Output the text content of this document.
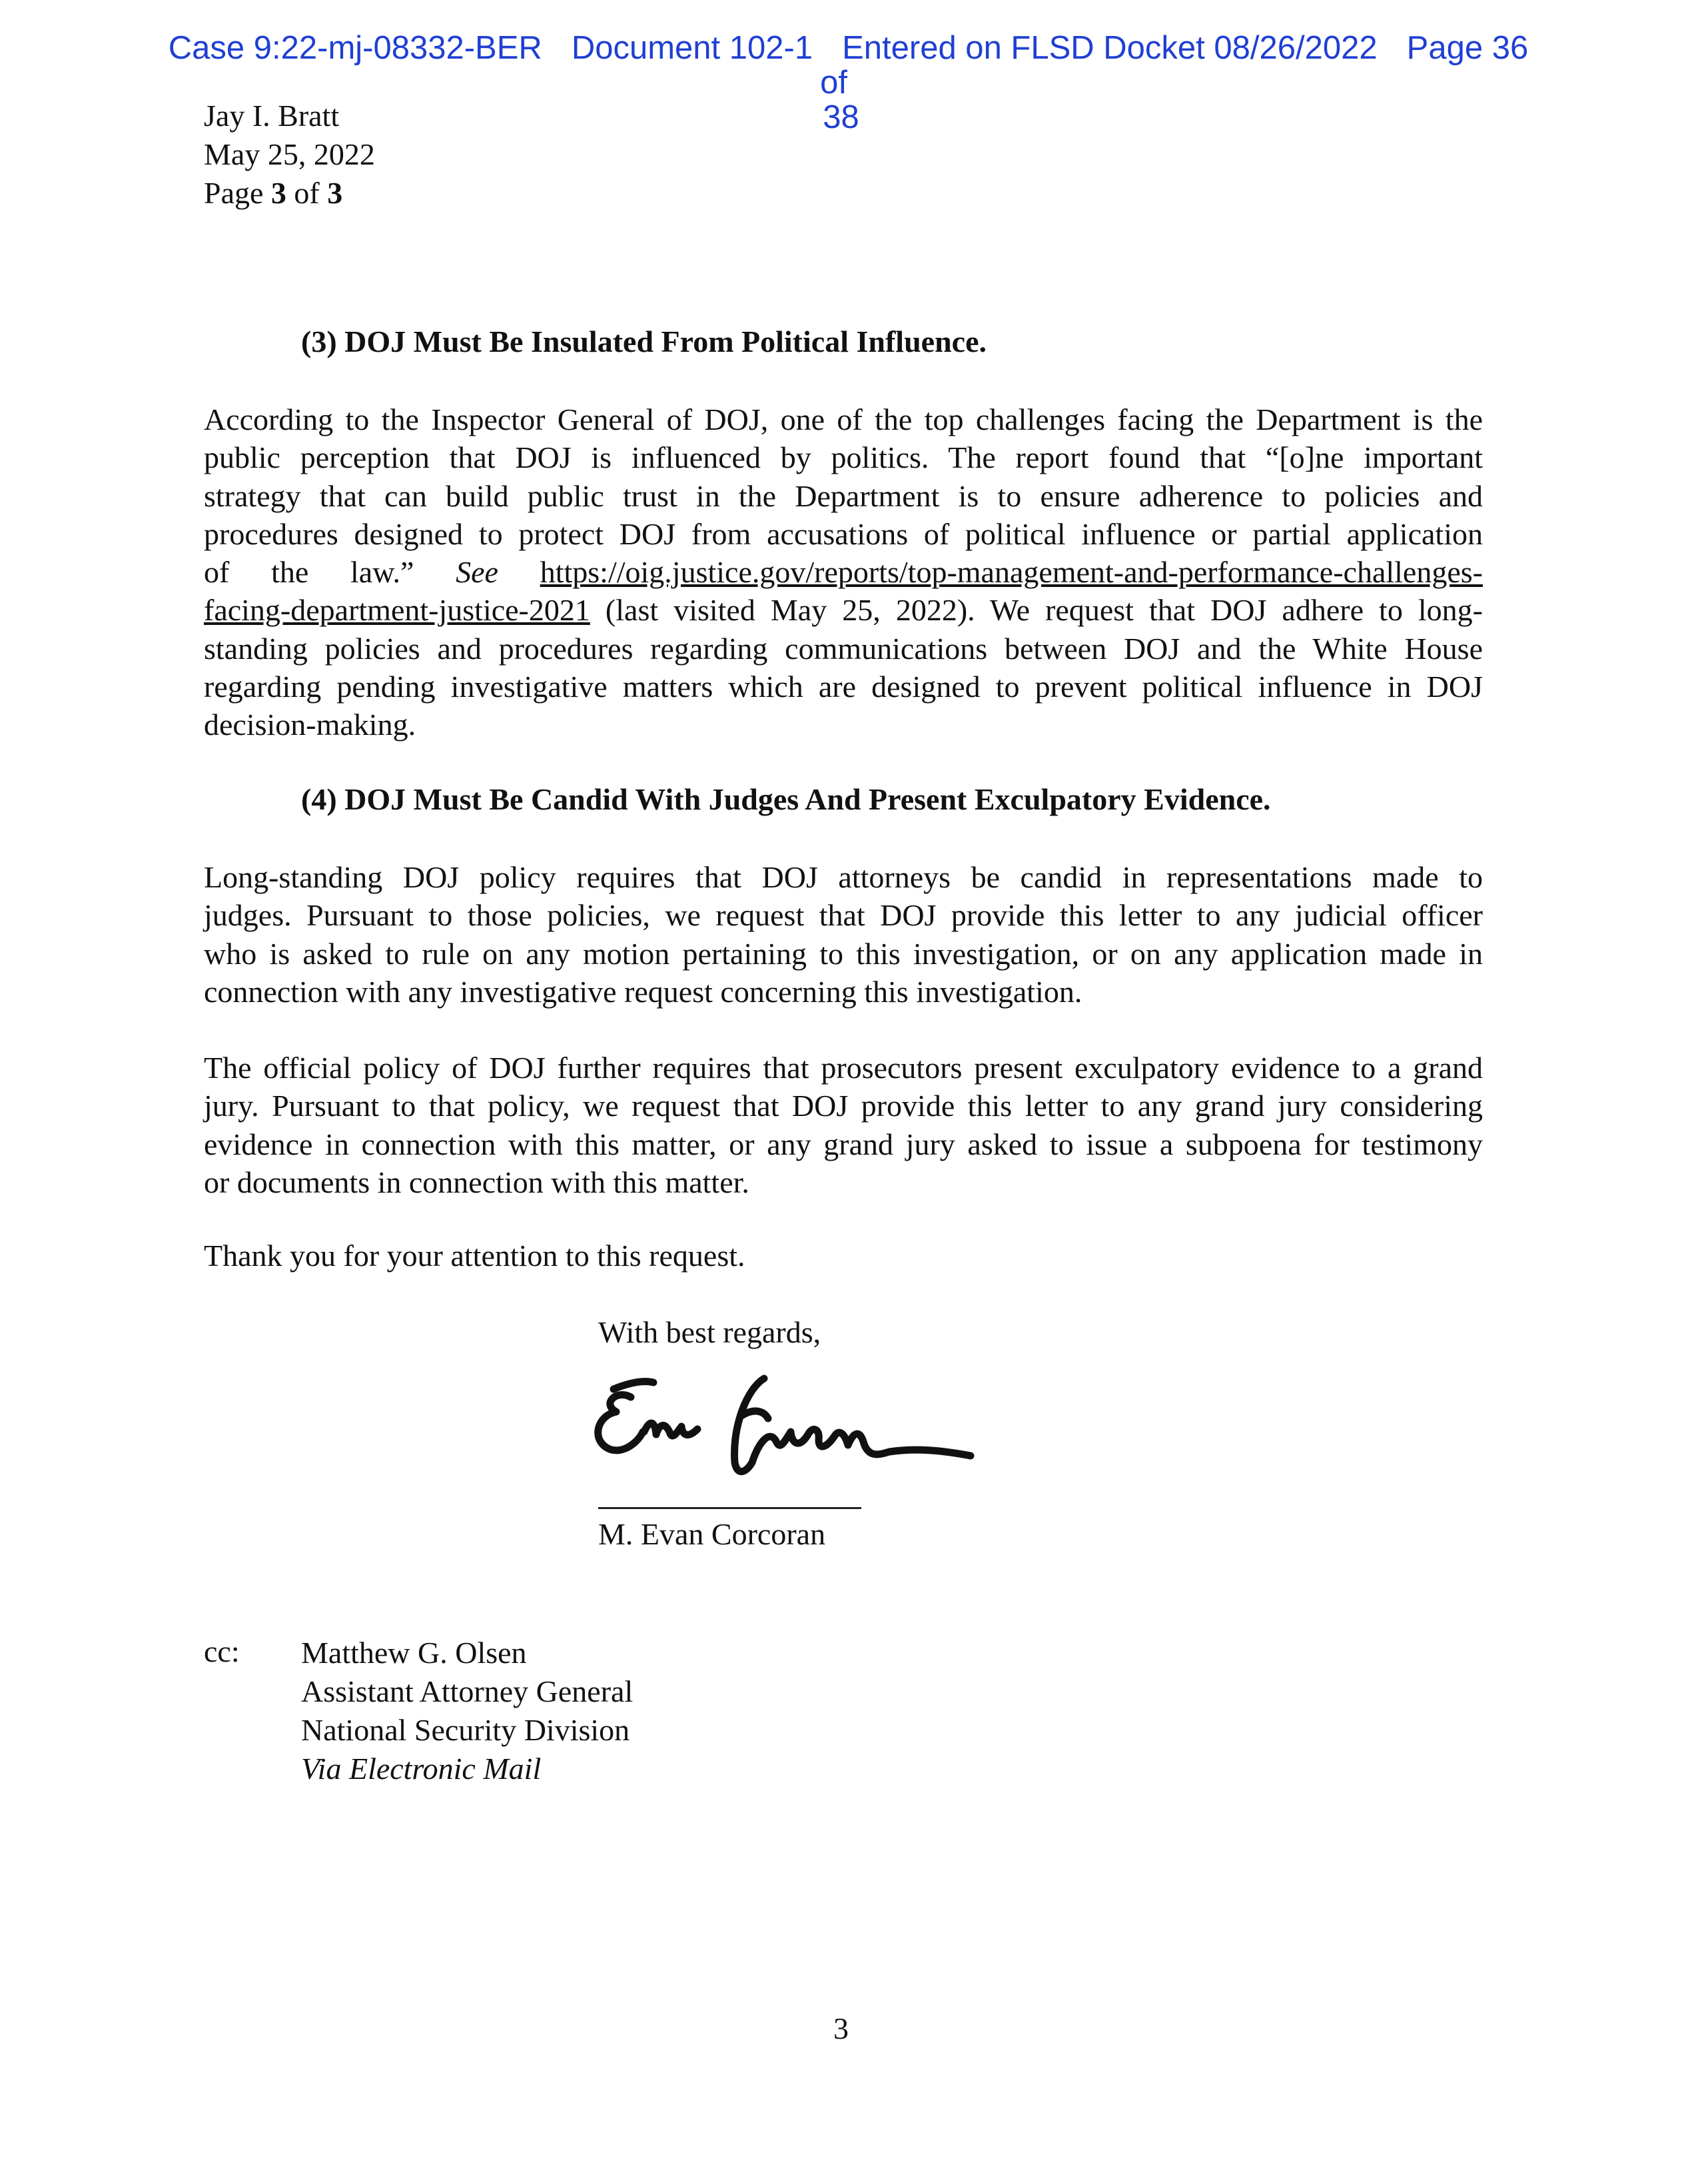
Case 9:22-mj-08332-BER Document 102-1 Entered on FLSD Docket 08/26/2022 Page 36 of
38
Jay I. Bratt
May 25, 2022
Page 3 of 3
(3) DOJ Must Be Insulated From Political Influence.
According to the Inspector General of DOJ, one of the top challenges facing the Department is the
public perception that DOJ is influenced by politics. The report found that “[o]ne important
strategy that can build public trust in the Department is to ensure adherence to policies and
procedures designed to protect DOJ from accusations of political influence or partial application
of the law.” See https://oig.justice.gov/reports/top-management-and-performance-challenges-
facing-department-justice-2021 (last visited May 25, 2022). We request that DOJ adhere to long-
standing policies and procedures regarding communications between DOJ and the White House
regarding pending investigative matters which are designed to prevent political influence in DOJ
decision-making.
(4) DOJ Must Be Candid With Judges And Present Exculpatory Evidence.
Long-standing DOJ policy requires that DOJ attorneys be candid in representations made to
judges. Pursuant to those policies, we request that DOJ provide this letter to any judicial officer
who is asked to rule on any motion pertaining to this investigation, or on any application made in
connection with any investigative request concerning this investigation.
The official policy of DOJ further requires that prosecutors present exculpatory evidence to a grand
jury. Pursuant to that policy, we request that DOJ provide this letter to any grand jury considering
evidence in connection with this matter, or any grand jury asked to issue a subpoena for testimony
or documents in connection with this matter.
Thank you for your attention to this request.
With best regards,
M. Evan Corcoran
cc: Matthew G. Olsen
Assistant Attorney General
National Security Division
Via Electronic Mail
3
